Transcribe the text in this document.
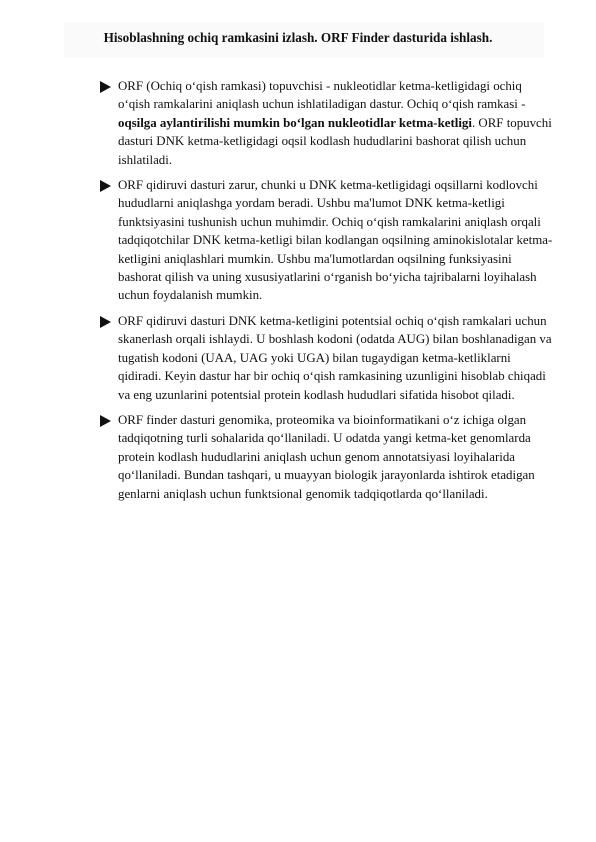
Hisoblashning ochiq ramkasini izlash. ORF Finder dasturida ishlash.
ORF (Ochiq o‘qish ramkasi) topuvchisi - nukleotidlar ketma-ketligidagi ochiq o‘qish ramkalarini aniqlash uchun ishlatiladigan dastur. Ochiq o‘qish ramkasi - oqsilga aylantirilishi mumkin bo‘lgan nukleotidlar ketma-ketligi. ORF topuvchi dasturi DNK ketma-ketligidagi oqsil kodlash hududlarini bashorat qilish uchun ishlatiladi.
ORF qidiruvi dasturi zarur, chunki u DNK ketma-ketligidagi oqsillarni kodlovchi hududlarni aniqlashga yordam beradi. Ushbu ma'lumot DNK ketma-ketligi funktsiyasini tushunish uchun muhimdir. Ochiq o‘qish ramkalarini aniqlash orqali tadqiqotchilar DNK ketma-ketligi bilan kodlangan oqsilning aminokislotalar ketma-ketligini aniqlashlari mumkin. Ushbu ma'lumotlardan oqsilning funksiyasini bashorat qilish va uning xususiyatlarini o‘rganish bo‘yicha tajribalarni loyihalash uchun foydalanish mumkin.
ORF qidiruvi dasturi DNK ketma-ketligini potentsial ochiq o‘qish ramkalari uchun skanerlash orqali ishlaydi. U boshlash kodoni (odatda AUG) bilan boshlanadigan va tugatish kodoni (UAA, UAG yoki UGA) bilan tugaydigan ketma-ketliklarni qidiradi. Keyin dastur har bir ochiq o‘qish ramkasining uzunligini hisoblab chiqadi va eng uzunlarini potentsial protein kodlash hududlari sifatida hisobot qiladi.
ORF finder dasturi genomika, proteomika va bioinformatikani o‘z ichiga olgan tadqiqotning turli sohalarida qo‘llaniladi. U odatda yangi ketma-ket genomlarda protein kodlash hududlarini aniqlash uchun genom annotatsiyasi loyihalarida qo‘llaniladi. Bundan tashqari, u muayyan biologik jarayonlarda ishtirok etadigan genlarni aniqlash uchun funktsional genomik tadqiqotlarda qo‘llaniladi.
